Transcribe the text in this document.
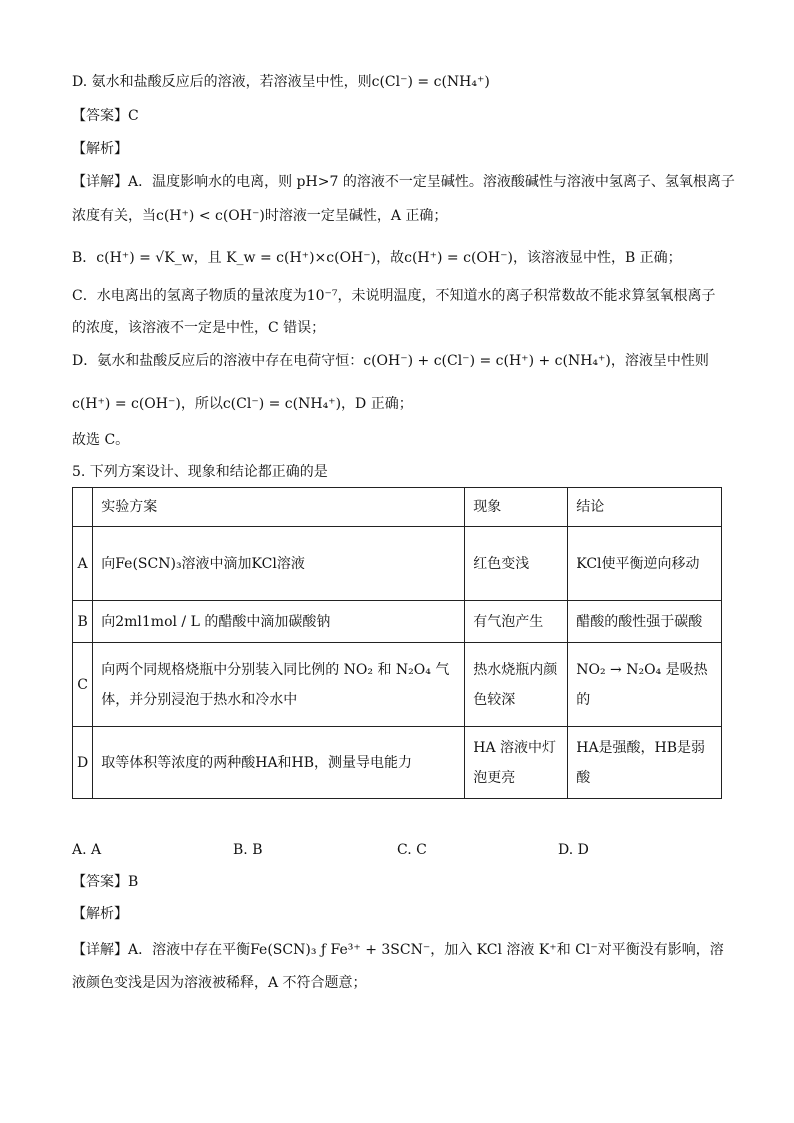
D. 氨水和盐酸反应后的溶液，若溶液呈中性，则c(Cl⁻) = c(NH₄⁺)
【答案】C
【解析】
【详解】A．温度影响水的电离，则 pH>7 的溶液不一定呈碱性。溶液酸碱性与溶液中氢离子、氢氧根离子
浓度有关，当c(H⁺) < c(OH⁻)时溶液一定呈碱性，A 正确；
B．c(H⁺) = √K_w，且 K_w = c(H⁺)×c(OH⁻)，故c(H⁺) = c(OH⁻)，该溶液显中性，B 正确；
C．水电离出的氢离子物质的量浓度为10⁻⁷，未说明温度，不知道水的离子积常数故不能求算氢氧根离子
的浓度，该溶液不一定是中性，C 错误；
D．氨水和盐酸反应后的溶液中存在电荷守恒：c(OH⁻) + c(Cl⁻) = c(H⁺) + c(NH₄⁺)，溶液呈中性则
c(H⁺) = c(OH⁻)，所以c(Cl⁻) = c(NH₄⁺)，D 正确；
故选 C。
5. 下列方案设计、现象和结论都正确的是
	实验方案	现象	结论
A	向Fe(SCN)₃溶液中滴加KCl溶液	红色变浅	KCl使平衡逆向移动
B	向2ml1mol / L 的醋酸中滴加碳酸钠	有气泡产生	醋酸的酸性强于碳酸
C	向两个同规格烧瓶中分别装入同比例的 NO₂ 和 N₂O₄ 气体，并分别浸泡于热水和冷水中	热水烧瓶内颜色较深	NO₂ → N₂O₄ 是吸热的
D	取等体积等浓度的两种酸HA和HB，测量导电能力	HA 溶液中灯泡更亮	HA是强酸，HB是弱酸
A. A	B. B	C. C	D. D
【答案】B
【解析】
【详解】A．溶液中存在平衡Fe(SCN)₃ ƒ Fe³⁺ + 3SCN⁻，加入 KCl 溶液 K⁺和 Cl⁻对平衡没有影响，溶
液颜色变浅是因为溶液被稀释，A 不符合题意；
